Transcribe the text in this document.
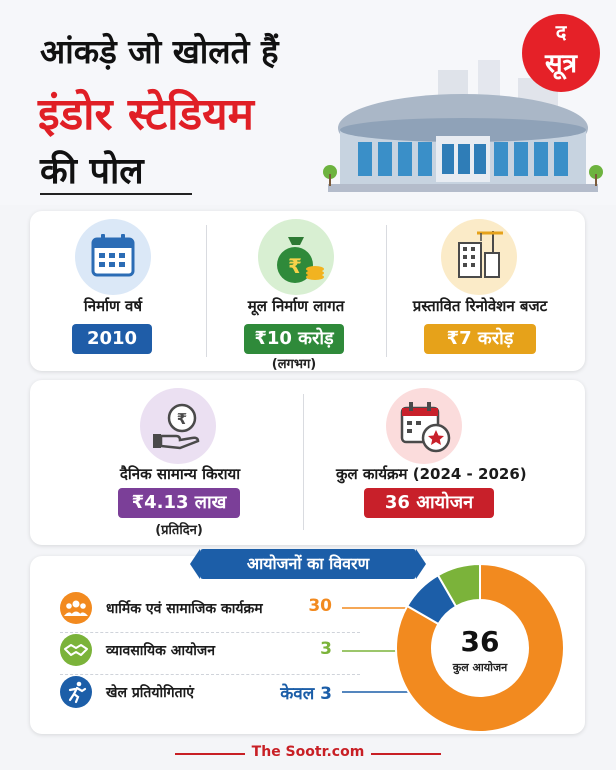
आंकड़े जो खोलते हैं
इंडोर स्टेडियम
की पोल
द
सूत्र
निर्माण वर्ष
2010
₹
मूल निर्माण लागत
₹10 करोड़
(लगभग)
प्रस्तावित रिनोवेशन बजट
₹7 करोड़
₹
दैनिक सामान्य किराया
₹4.13 लाख
(प्रतिदिन)
कुल कार्यक्रम (2024 - 2026)
36 आयोजन
आयोजनों का विवरण
धार्मिक एवं सामाजिक कार्यक्रम	30
व्यावसायिक आयोजन	3
खेल प्रतियोगिताएं	केवल 3
36
कुल आयोजन
The Sootr.com
